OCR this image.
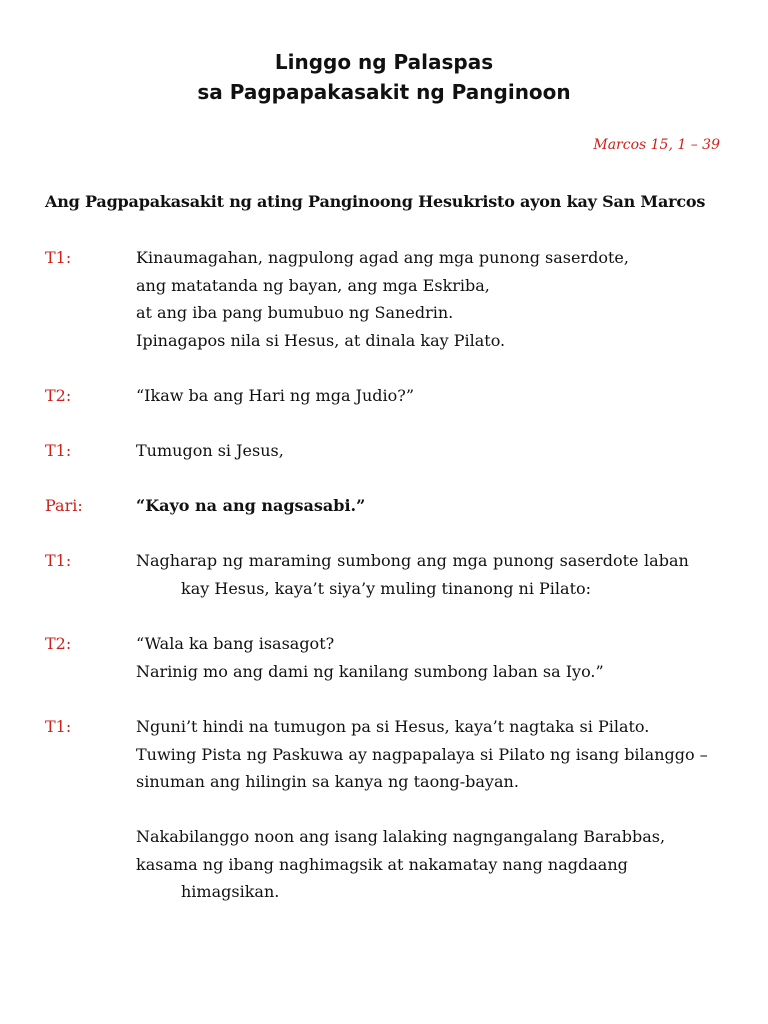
Linggo ng Palaspas
sa Pagpapakasakit ng Panginoon
Marcos 15, 1 – 39
Ang Pagpapakasakit ng ating Panginoong Hesukristo ayon kay San Marcos
T1:	Kinaumagahan, nagpulong agad ang mga punong saserdote,
ang matatanda ng bayan, ang mga Eskriba,
at ang iba pang bumubuo ng Sanedrin.
Ipinagapos nila si Hesus, at dinala kay Pilato.
T2:	“Ikaw ba ang Hari ng mga Judio?”
T1:	Tumugon si Jesus,
Pari:	“Kayo na ang nagsasabi.”
T1:	Nagharap ng maraming sumbong ang mga punong saserdote laban
kay Hesus, kaya’t siya’y muling tinanong ni Pilato:
T2:	“Wala ka bang isasagot?
Narinig mo ang dami ng kanilang sumbong laban sa Iyo.”
T1:	Nguni’t hindi na tumugon pa si Hesus, kaya’t nagtaka si Pilato.
Tuwing Pista ng Paskuwa ay nagpapalaya si Pilato ng isang bilanggo –
sinuman ang hilingin sa kanya ng taong-bayan.
Nakabilanggo noon ang isang lalaking nagngangalang Barabbas,
kasama ng ibang naghimagsik at nakamatay nang nagdaang
himagsikan.
